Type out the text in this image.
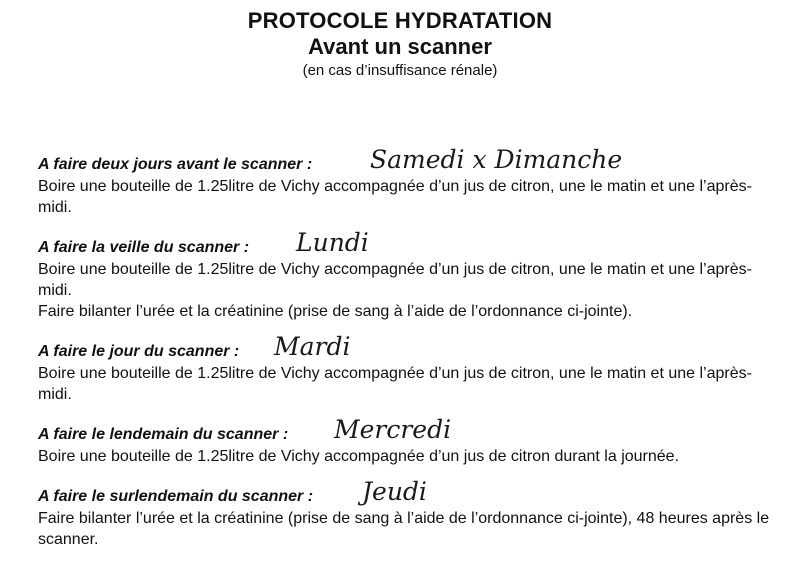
PROTOCOLE HYDRATATION
Avant un scanner
(en cas d’insuffisance rénale)
A faire deux jours avant le scanner : Samedi x Dimanche

Boire une bouteille de 1.25litre de Vichy accompagnée d’un jus de citron, une le matin et une l’après-midi.

A faire la veille du scanner : Lundi

Boire une bouteille de 1.25litre de Vichy accompagnée d’un jus de citron, une le matin et une l’après-midi.

Faire bilanter l’urée et la créatinine (prise de sang à l’aide de l’ordonnance ci-jointe).

A faire le jour du scanner : Mardi

Boire une bouteille de 1.25litre de Vichy accompagnée d’un jus de citron, une le matin et une l’après-midi.

A faire le lendemain du scanner : Mercredi

Boire une bouteille de 1.25litre de Vichy accompagnée d’un jus de citron durant la journée.

A faire le surlendemain du scanner : Jeudi

Faire bilanter l’urée et la créatinine (prise de sang à l’aide de l’ordonnance ci-jointe), 48 heures après le scanner.
